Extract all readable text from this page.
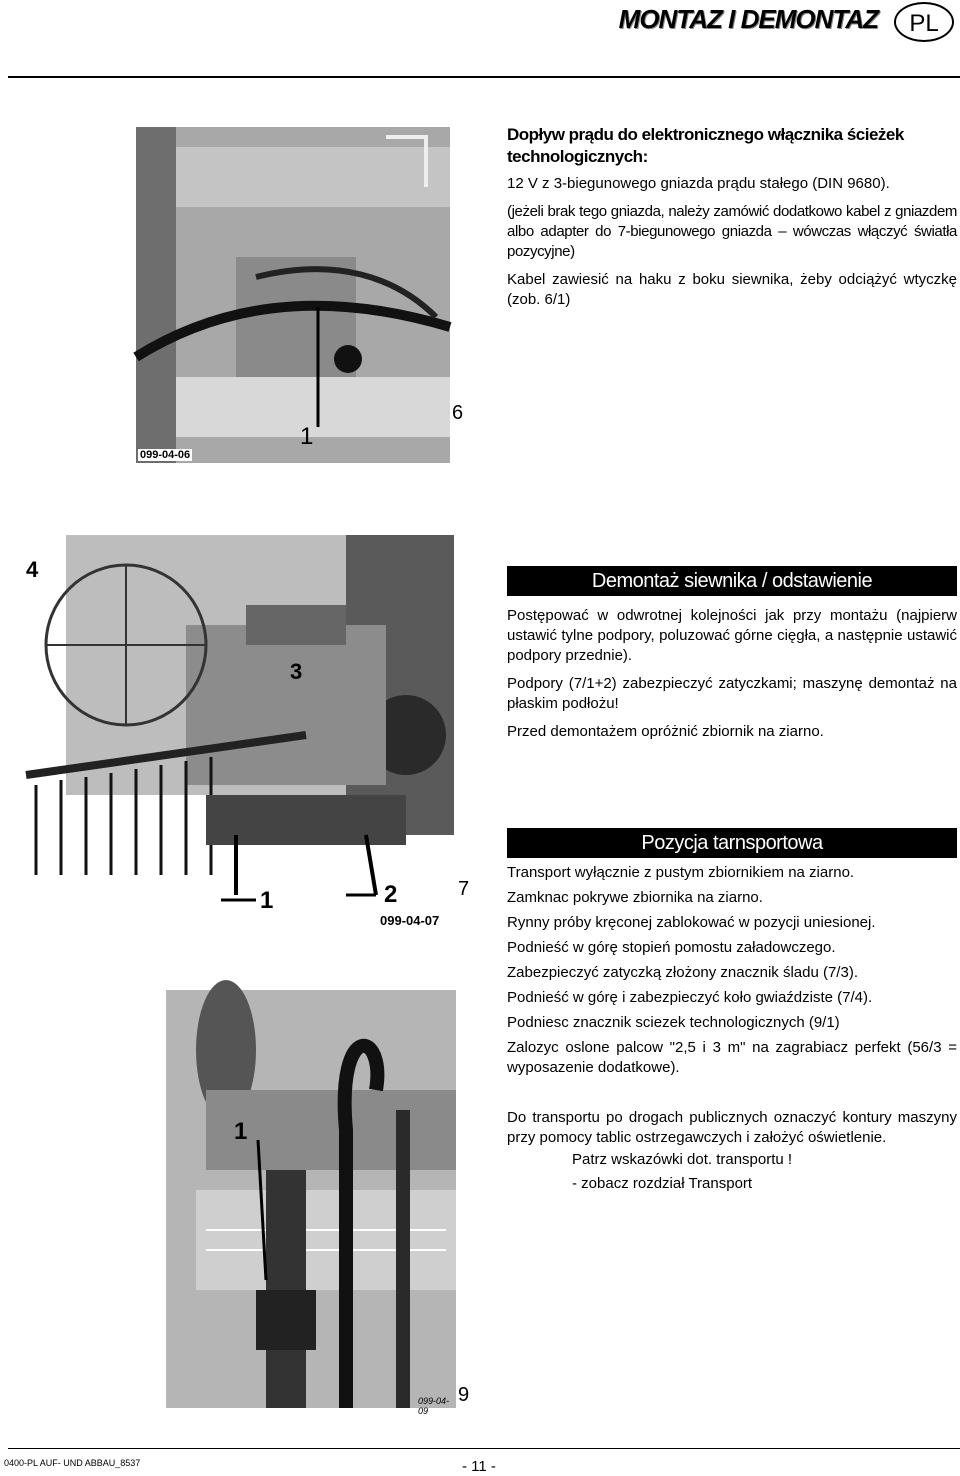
MONTAZ I DEMONTAZ	PL
1
099-04-06
6
Dopływ prądu do elektronicznego włącznika ścieżek technologicznych:

12 V z 3-biegunowego gniazda prądu stałego (DIN 9680).

(jeżeli brak tego gniazda, należy zamówić dodatkowo kabel z gniazdem albo adapter do 7-biegunowego gniazda – wówczas włączyć światła pozycyjne)

Kabel zawiesić na haku z boku siewnika, żeby odciążyć wtyczkę (zob. 6/1)

4
3
1	2
099-04-07
7
Demontaż siewnika / odstawienie

Postępować w odwrotnej kolejności jak przy montażu (najpierw ustawić tylne podpory, poluzować górne cięgła, a następnie ustawić podpory przednie).

Podpory (7/1+2) zabezpieczyć zatyczkami; maszynę demontaż na płaskim podłożu!

Przed demontażem opróżnić zbiornik na ziarno.

Pozycja tarnsportowa
Transport wyłącznie z pustym zbiornikiem na ziarno.
Zamknac pokrywe zbiornika na ziarno.
Rynny próby kręconej zablokować w pozycji uniesionej.
Podnieść w górę stopień pomostu załadowczego.
Zabezpieczyć zatyczką złożony znacznik śladu (7/3).
Podnieść w górę i zabezpieczyć koło gwiaździste (7/4).
Podniesc znacznik sciezek technologicznych (9/1)
Zalozyc oslone palcow "2,5 i 3 m" na zagrabiacz perfekt (56/3 = wyposazenie dodatkowe).
Do transportu po drogach publicznych oznaczyć kontury maszyny przy pomocy tablic ostrzegawczych i założyć oświetlenie.
Patrz wskazówki dot. transportu !
- zobacz rozdział Transport
1
099-04-09
9
0400-PL AUF- UND ABBAU_8537	- 11 -
